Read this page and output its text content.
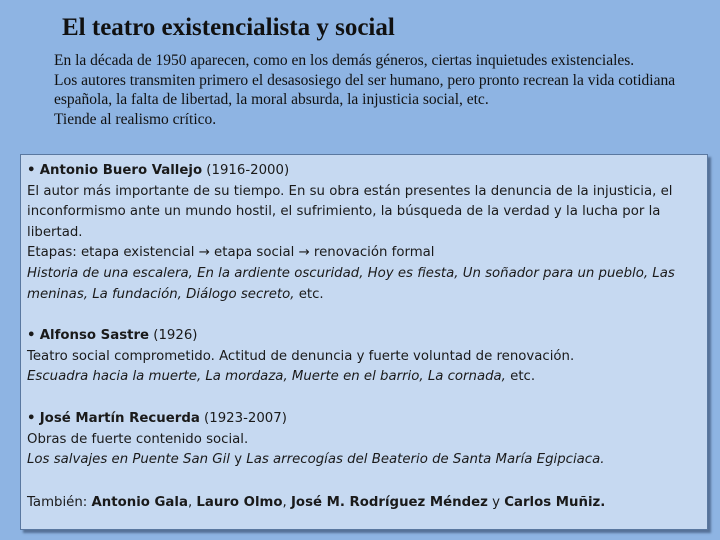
El teatro existencialista y social

En la década de 1950 aparecen, como en los demás géneros, ciertas inquietudes existenciales.

Los autores transmiten primero el desasosiego del ser humano, pero pronto recrean la vida cotidiana española, la falta de libertad, la moral absurda, la injusticia social, etc.

Tiende al realismo crítico.

• Antonio Buero Vallejo (1916-2000)

El autor más importante de su tiempo. En su obra están presentes la denuncia de la injusticia, el inconformismo ante un mundo hostil, el sufrimiento, la búsqueda de la verdad y la lucha por la libertad.

Etapas: etapa existencial → etapa social → renovación formal

Historia de una escalera, En la ardiente oscuridad, Hoy es fiesta, Un soñador para un pueblo, Las meninas, La fundación, Diálogo secreto, etc.

• Alfonso Sastre (1926)

Teatro social comprometido. Actitud de denuncia y fuerte voluntad de renovación.

Escuadra hacia la muerte, La mordaza, Muerte en el barrio, La cornada, etc.

• José Martín Recuerda (1923-2007)

Obras de fuerte contenido social.

Los salvajes en Puente San Gil y Las arrecogías del Beaterio de Santa María Egipciaca.

También: Antonio Gala, Lauro Olmo, José M. Rodríguez Méndez y Carlos Muñiz.
